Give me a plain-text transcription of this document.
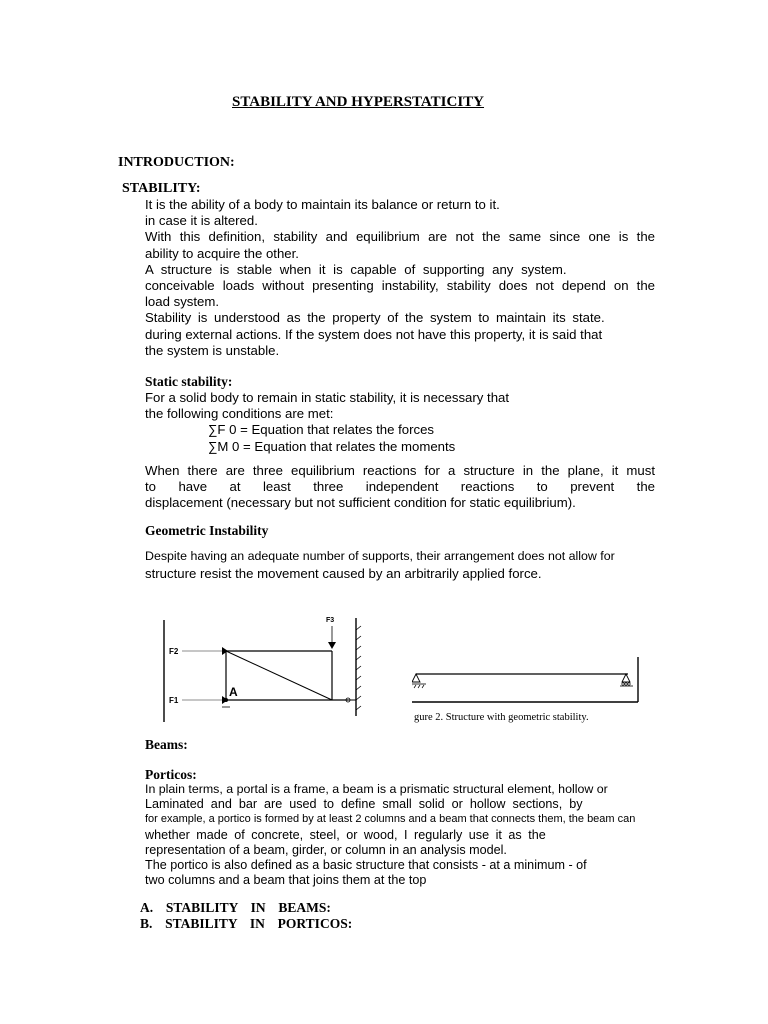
STABILITY AND HYPERSTATICITY
INTRODUCTION:
STABILITY:

It is the ability of a body to maintain its balance or return to it.

in case it is altered.

With this definition, stability and equilibrium are not the same since one is the

ability to acquire the other.

A structure is stable when it is capable of supporting any system.

conceivable loads without presenting instability, stability does not depend on the

load system.

Stability is understood as the property of the system to maintain its state.

during external actions. If the system does not have this property, it is said that

the system is unstable.

Static stability:

For a solid body to remain in static stability, it is necessary that

the following conditions are met:

∑F 0 = Equation that relates the forces

∑M 0 = Equation that relates the moments

When there are three equilibrium reactions for a structure in the plane, it must

to have at least three independent reactions to prevent the

displacement (necessary but not sufficient condition for static equilibrium).

Geometric Instability

Despite having an adequate number of supports, their arrangement does not allow for

structure resist the movement caused by an arbitrarily applied force.

F3
F2
F1
A
gure 2. Structure with geometric stability.
Beams:
Porticos:

In plain terms, a portal is a frame, a beam is a prismatic structural element, hollow or

Laminated and bar are used to define small solid or hollow sections, by

for example, a portico is formed by at least 2 columns and a beam that connects them, the beam can

whether made of concrete, steel, or wood, I regularly use it as the

representation of a beam, girder, or column in an analysis model.

The portico is also defined as a basic structure that consists - at a minimum - of

two columns and a beam that joins them at the top

A.  STABILITY  IN  BEAMS:
B.  STABILITY  IN  PORTICOS:
